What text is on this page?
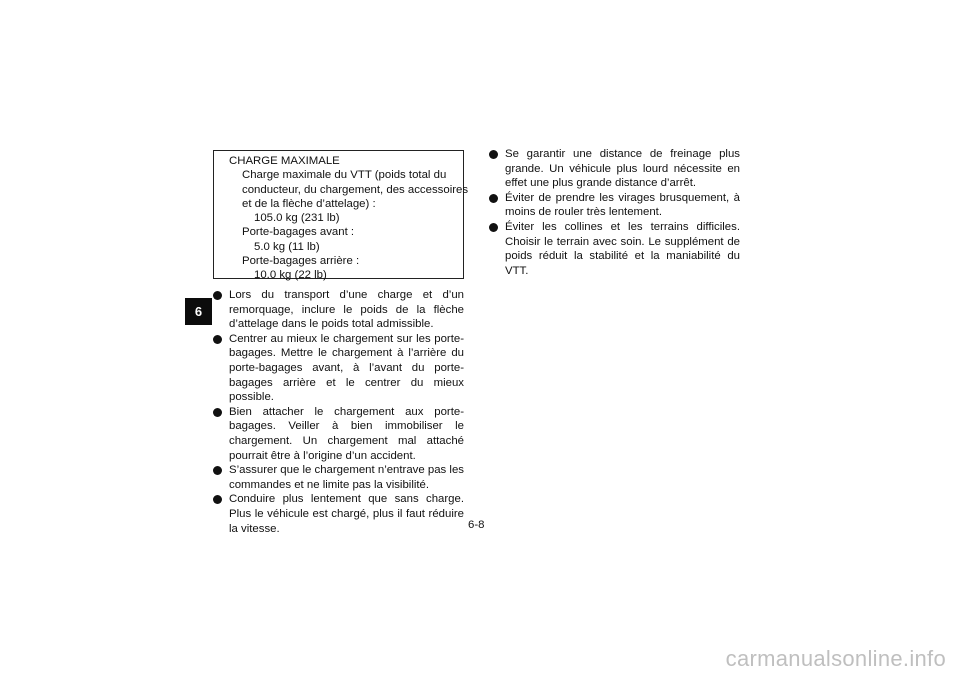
6
CHARGE MAXIMALE
Charge maximale du VTT (poids total du
conducteur, du chargement, des accessoires
et de la flèche d’attelage) :
105.0 kg (231 lb)
Porte-bagages avant :
5.0 kg (11 lb)
Porte-bagages arrière :
10.0 kg (22 lb)
Lors du transport d’une charge et d’un remorquage, inclure le poids de la flèche d’attelage dans le poids total admissible.
Centrer au mieux le chargement sur les porte-bagages. Mettre le chargement à l’arrière du porte-bagages avant, à l’avant du porte-bagages arrière et le centrer du mieux possible.
Bien attacher le chargement aux porte-bagages. Veiller à bien immobiliser le chargement. Un chargement mal attaché pourrait être à l’origine d’un accident.
S’assurer que le chargement n’entrave pas les commandes et ne limite pas la visibilité.
Conduire plus lentement que sans charge. Plus le véhicule est chargé, plus il faut réduire la vitesse.
Se garantir une distance de freinage plus grande. Un véhicule plus lourd nécessite en effet une plus grande distance d’arrêt.
Éviter de prendre les virages brusquement, à moins de rouler très lentement.
Éviter les collines et les terrains difficiles. Choisir le terrain avec soin. Le supplément de poids réduit la stabilité et la maniabilité du VTT.
6-8
carmanualsonline.info
